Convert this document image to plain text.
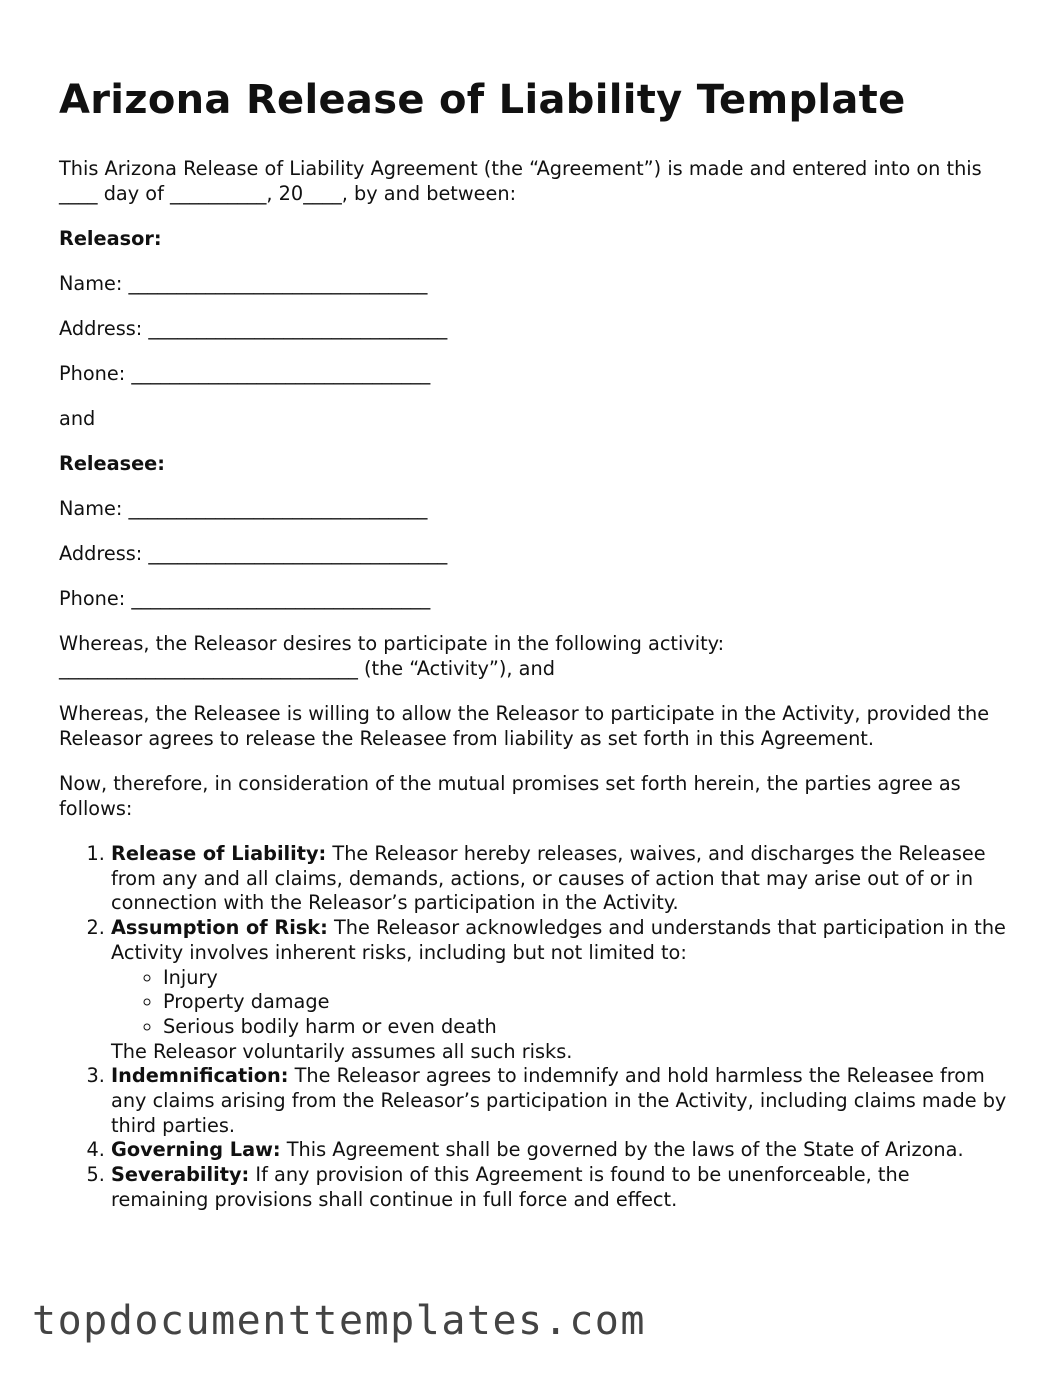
Arizona Release of Liability Template

This Arizona Release of Liability Agreement (the “Agreement”) is made and entered into on this ____ day of __________, 20____, by and between:

Releasor:

Name: _______________________________

Address: _______________________________

Phone: _______________________________

and

Releasee:

Name: _______________________________

Address: _______________________________

Phone: _______________________________

Whereas, the Releasor desires to participate in the following activity: _______________________________ (the “Activity”), and

Whereas, the Releasee is willing to allow the Releasor to participate in the Activity, provided the Releasor agrees to release the Releasee from liability as set forth in this Agreement.

Now, therefore, in consideration of the mutual promises set forth herein, the parties agree as follows:

1. Release of Liability: The Releasor hereby releases, waives, and discharges the Releasee from any and all claims, demands, actions, or causes of action that may arise out of or in connection with the Releasor’s participation in the Activity.
2. Assumption of Risk: The Releasor acknowledges and understands that participation in the Activity involves inherent risks, including but not limited to:
◦ Injury
◦ Property damage
◦ Serious bodily harm or even death
The Releasor voluntarily assumes all such risks.
3. Indemnification: The Releasor agrees to indemnify and hold harmless the Releasee from any claims arising from the Releasor’s participation in the Activity, including claims made by third parties.
4. Governing Law: This Agreement shall be governed by the laws of the State of Arizona.
5. Severability: If any provision of this Agreement is found to be unenforceable, the remaining provisions shall continue in full force and effect.
topdocumenttemplates.com
